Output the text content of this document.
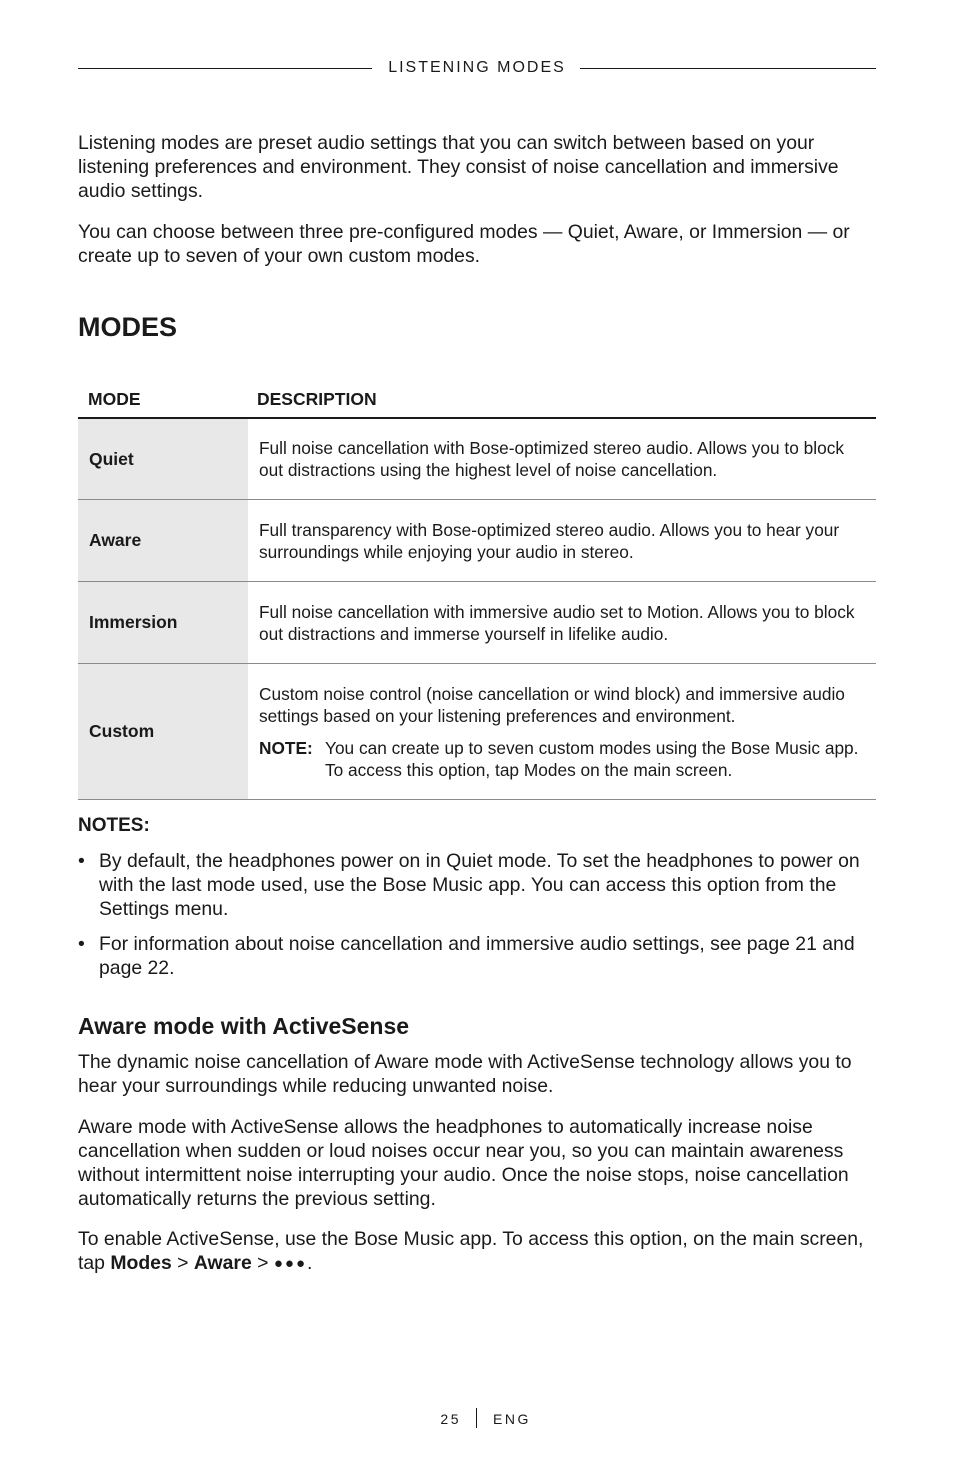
LISTENING MODES

Listening modes are preset audio settings that you can switch between based on your listening preferences and environment. They consist of noise cancellation and immersive audio settings.

You can choose between three pre-configured modes — Quiet, Aware, or Immersion — or create up to seven of your own custom modes.

MODES
MODE	DESCRIPTION
Quiet
Full noise cancellation with Bose-optimized stereo audio. Allows you to block out distractions using the highest level of noise cancellation.
Aware
Full transparency with Bose-optimized stereo audio. Allows you to hear your surroundings while enjoying your audio in stereo.
Immersion
Full noise cancellation with immersive audio set to Motion. Allows you to block out distractions and immerse yourself in lifelike audio.
Custom
Custom noise control (noise cancellation or wind block) and immersive audio settings based on your listening preferences and environment.
NOTE: You can create up to seven custom modes using the Bose Music app. To access this option, tap Modes on the main screen.

NOTES:

• By default, the headphones power on in Quiet mode. To set the headphones to power on with the last mode used, use the Bose Music app. You can access this option from the Settings menu.
• For information about noise cancellation and immersive audio settings, see page 21 and page 22.
Aware mode with ActiveSense

The dynamic noise cancellation of Aware mode with ActiveSense technology allows you to hear your surroundings while reducing unwanted noise.

Aware mode with ActiveSense allows the headphones to automatically increase noise cancellation when sudden or loud noises occur near you, so you can maintain awareness without intermittent noise interrupting your audio. Once the noise stops, noise cancellation automatically returns the previous setting.

To enable ActiveSense, use the Bose Music app. To access this option, on the main screen, tap Modes > Aware > ●●●.

25 ENG
